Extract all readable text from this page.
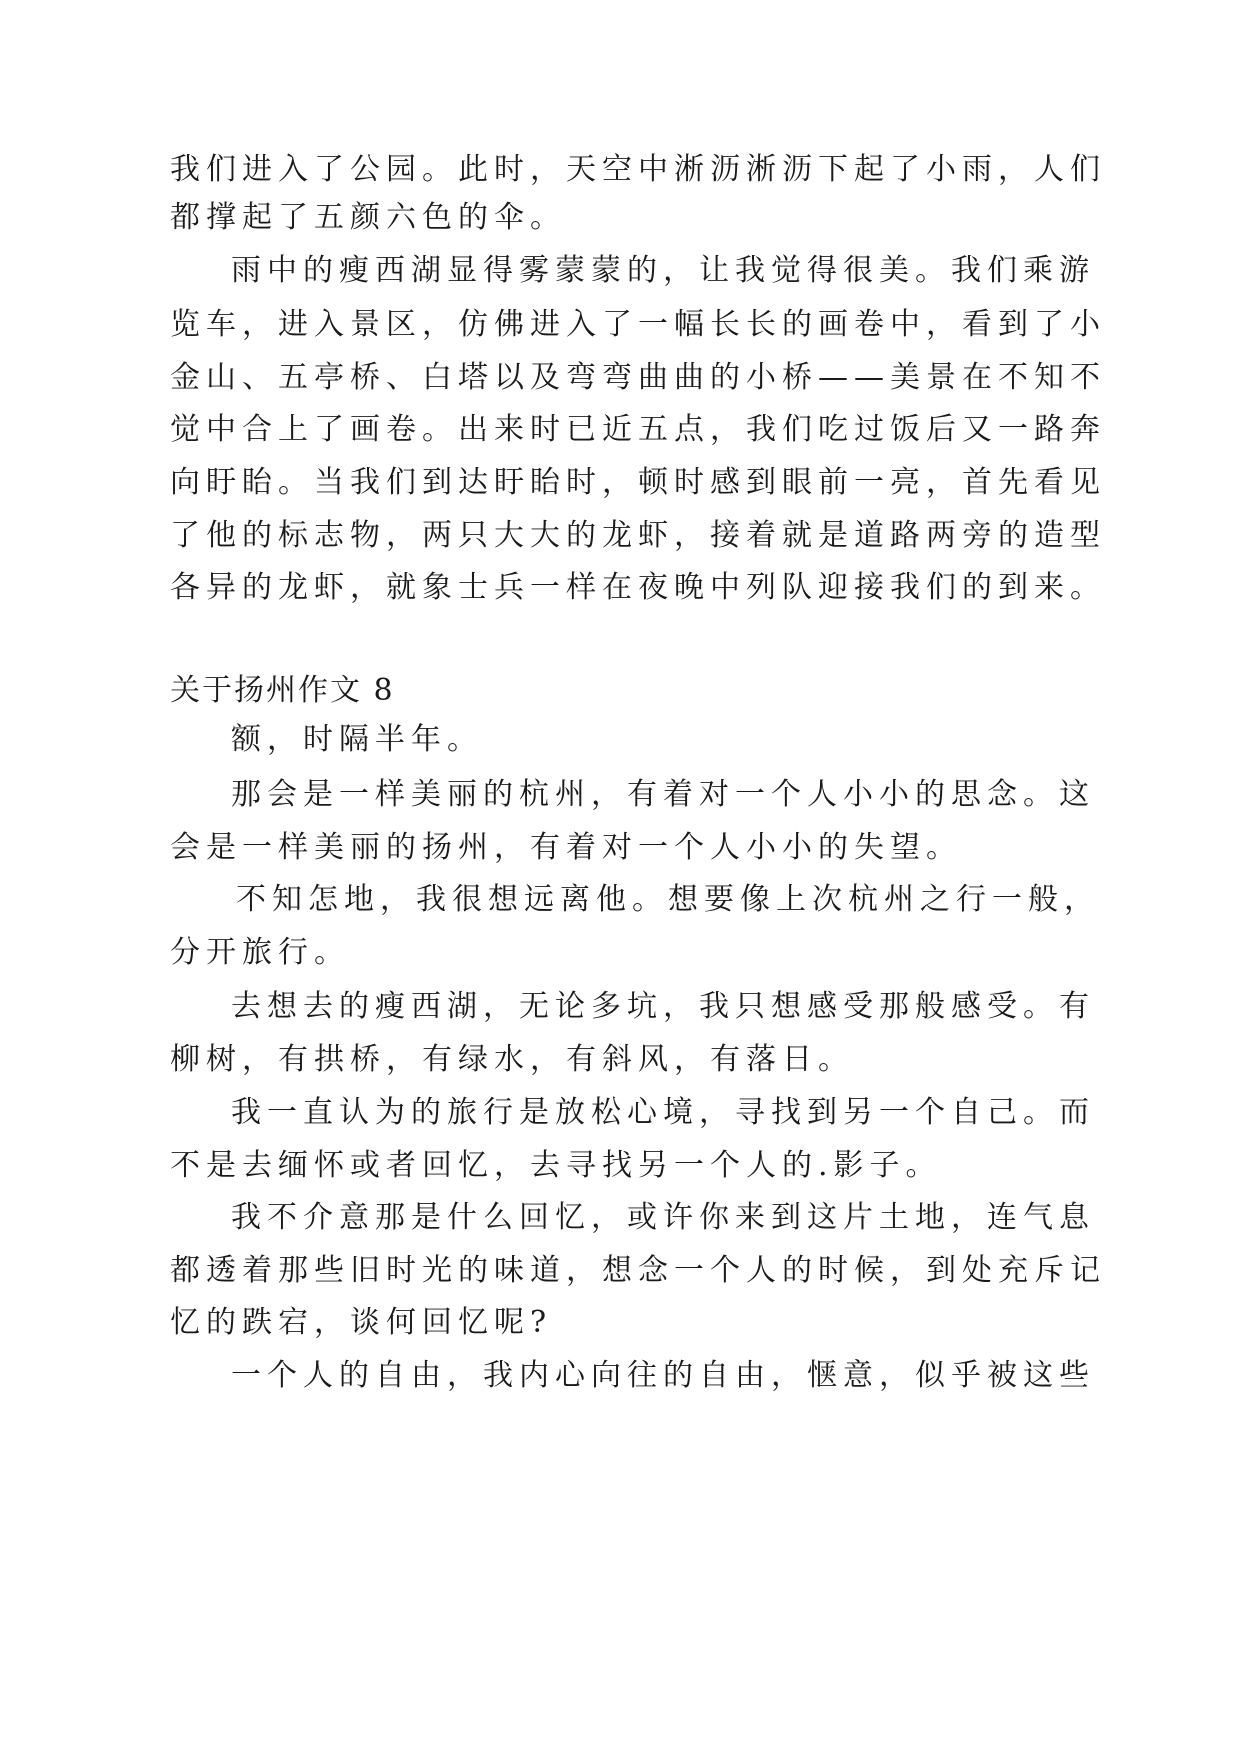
我们进入了公园。此时，天空中淅沥淅沥下起了小雨，人们
都撑起了五颜六色的伞。
雨中的瘦西湖显得雾蒙蒙的，让我觉得很美。我们乘游
览车，进入景区，仿佛进入了一幅长长的画卷中，看到了小
金山、五亭桥、白塔以及弯弯曲曲的小桥——美景在不知不
觉中合上了画卷。出来时已近五点，我们吃过饭后又一路奔
向盱眙。当我们到达盱眙时，顿时感到眼前一亮，首先看见
了他的标志物，两只大大的龙虾，接着就是道路两旁的造型
各异的龙虾，就象士兵一样在夜晚中列队迎接我们的到来。
关于扬州作文 8
额，时隔半年。
那会是一样美丽的杭州，有着对一个人小小的思念。这
会是一样美丽的扬州，有着对一个人小小的失望。
不知怎地，我很想远离他。想要像上次杭州之行一般，
分开旅行。
去想去的瘦西湖，无论多坑，我只想感受那般感受。有
柳树，有拱桥，有绿水，有斜风，有落日。
我一直认为的旅行是放松心境，寻找到另一个自己。而
不是去缅怀或者回忆，去寻找另一个人的.影子。
我不介意那是什么回忆，或许你来到这片土地，连气息
都透着那些旧时光的味道，想念一个人的时候，到处充斥记
忆的跌宕，谈何回忆呢?
一个人的自由，我内心向往的自由，惬意，似乎被这些
